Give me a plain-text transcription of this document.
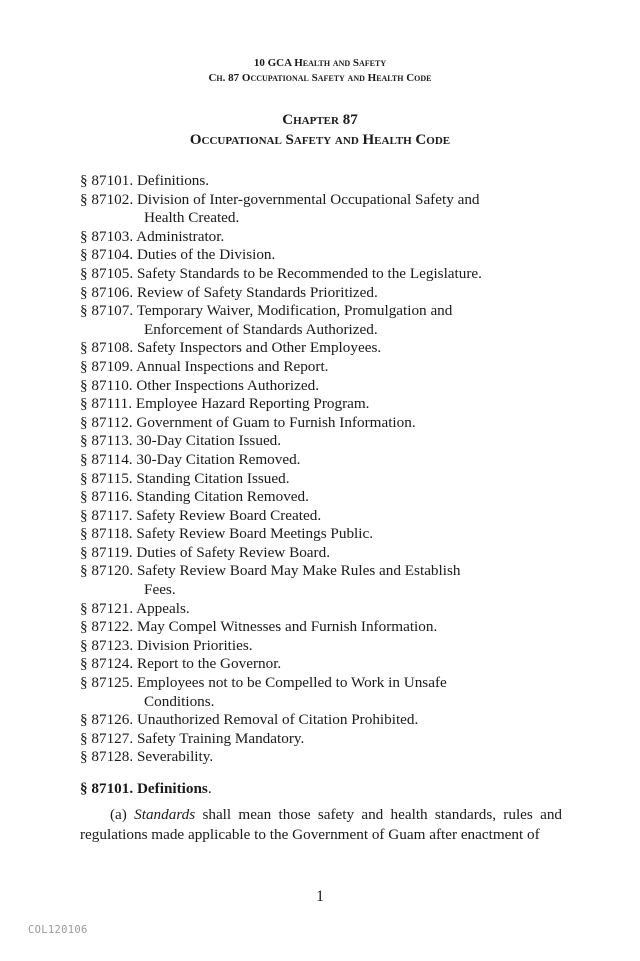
10 GCA Health and Safety
Ch. 87 Occupational Safety and Health Code
Chapter 87
Occupational Safety and Health Code
§ 87101. Definitions.
§ 87102. Division of Inter-governmental Occupational Safety and
Health Created.
§ 87103. Administrator.
§ 87104. Duties of the Division.
§ 87105. Safety Standards to be Recommended to the Legislature.
§ 87106. Review of Safety Standards Prioritized.
§ 87107. Temporary Waiver, Modification, Promulgation and
Enforcement of Standards Authorized.
§ 87108. Safety Inspectors and Other Employees.
§ 87109. Annual Inspections and Report.
§ 87110. Other Inspections Authorized.
§ 87111. Employee Hazard Reporting Program.
§ 87112. Government of Guam to Furnish Information.
§ 87113. 30-Day Citation Issued.
§ 87114. 30-Day Citation Removed.
§ 87115. Standing Citation Issued.
§ 87116. Standing Citation Removed.
§ 87117. Safety Review Board Created.
§ 87118. Safety Review Board Meetings Public.
§ 87119. Duties of Safety Review Board.
§ 87120. Safety Review Board May Make Rules and Establish
Fees.
§ 87121. Appeals.
§ 87122. May Compel Witnesses and Furnish Information.
§ 87123. Division Priorities.
§ 87124. Report to the Governor.
§ 87125. Employees not to be Compelled to Work in Unsafe
Conditions.
§ 87126. Unauthorized Removal of Citation Prohibited.
§ 87127. Safety Training Mandatory.
§ 87128. Severability.
§ 87101. Definitions.

(a) Standards shall mean those safety and health standards, rules and regulations made applicable to the Government of Guam after enactment of

1
COL120106
